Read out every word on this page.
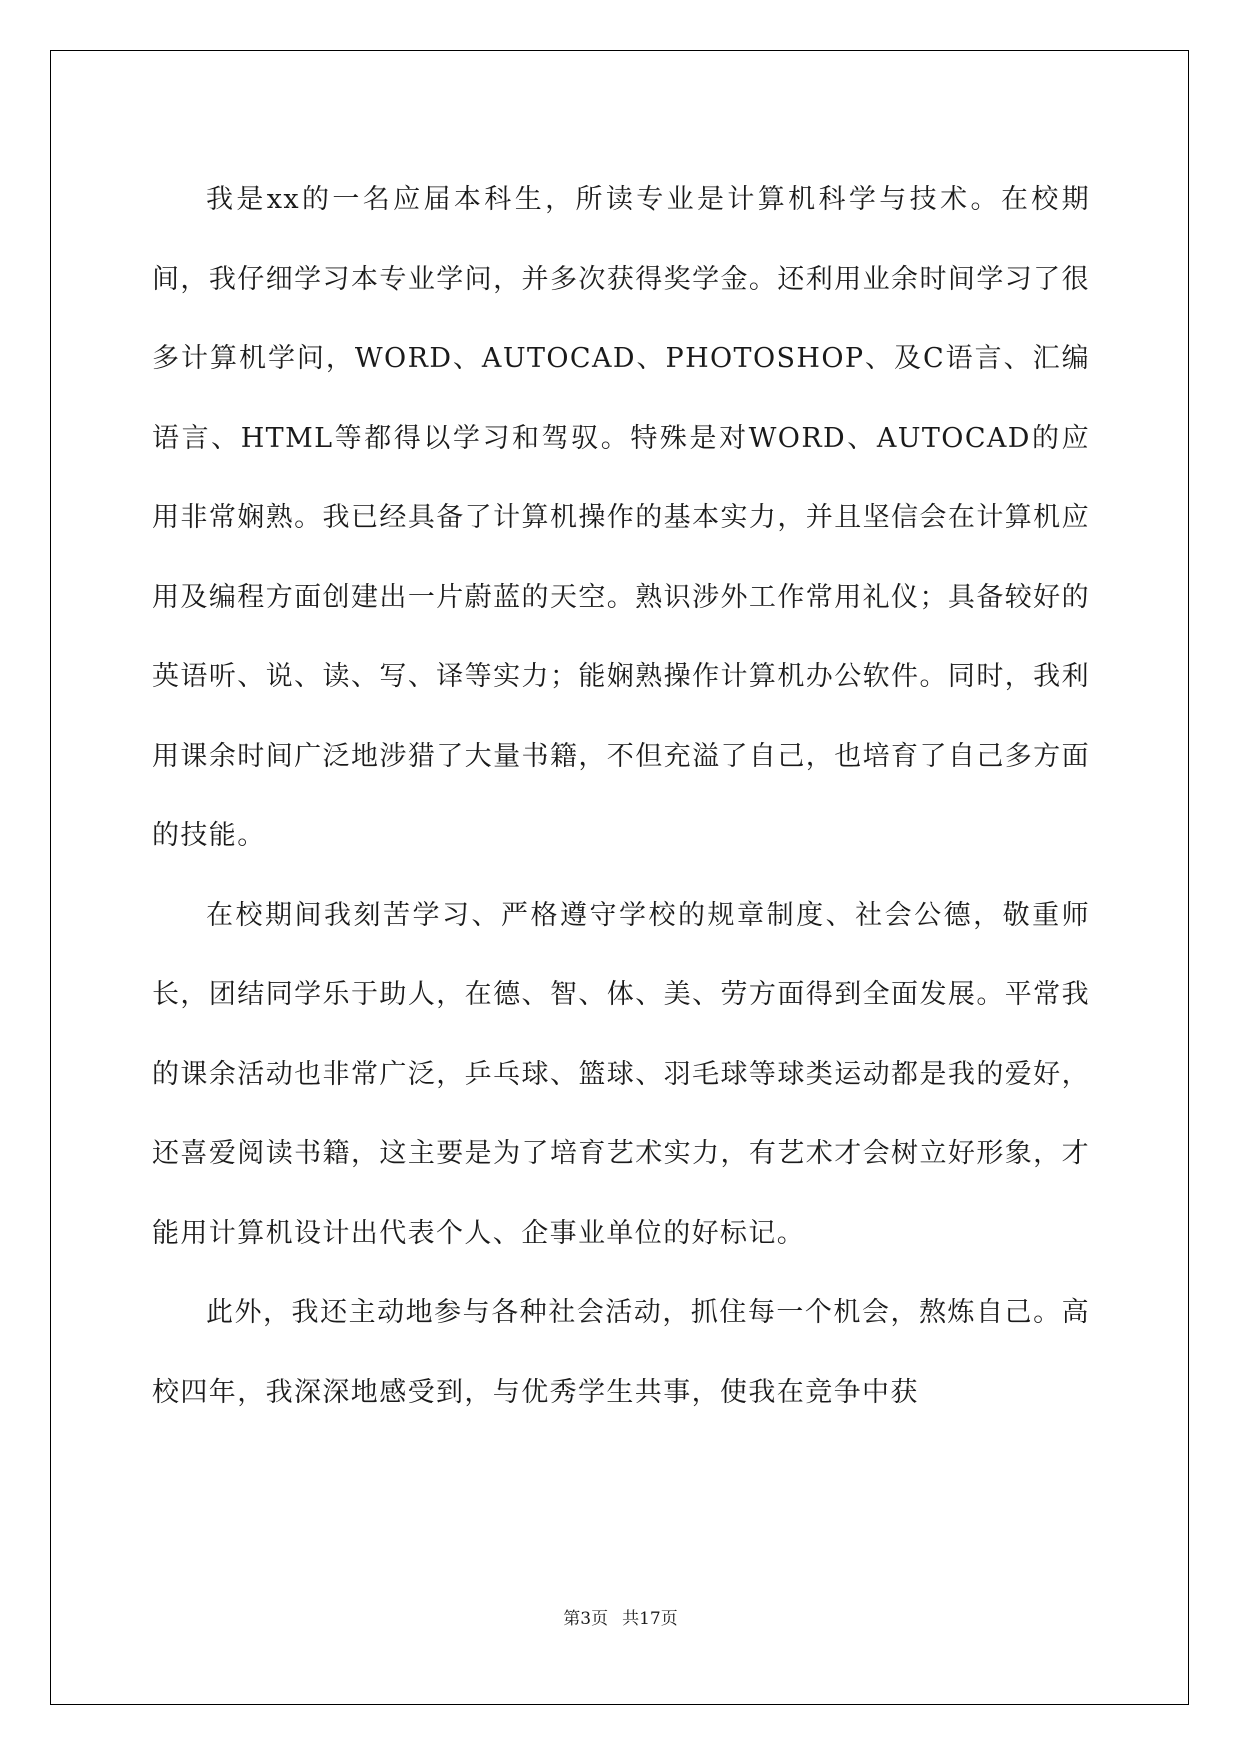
我是xx的一名应届本科生，所读专业是计算机科学与技术。在校期间，我仔细学习本专业学问，并多次获得奖学金。还利用业余时间学习了很多计算机学问，WORD、AUTOCAD、PHOTOSHOP、及C语言、汇编语言、HTML等都得以学习和驾驭。特殊是对WORD、AUTOCAD的应用非常娴熟。我已经具备了计算机操作的基本实力，并且坚信会在计算机应用及编程方面创建出一片蔚蓝的天空。熟识涉外工作常用礼仪；具备较好的英语听、说、读、写、译等实力；能娴熟操作计算机办公软件。同时，我利用课余时间广泛地涉猎了大量书籍，不但充溢了自己，也培育了自己多方面的技能。

在校期间我刻苦学习、严格遵守学校的规章制度、社会公德，敬重师长，团结同学乐于助人，在德、智、体、美、劳方面得到全面发展。平常我的课余活动也非常广泛，乒乓球、篮球、羽毛球等球类运动都是我的爱好，还喜爱阅读书籍，这主要是为了培育艺术实力，有艺术才会树立好形象，才能用计算机设计出代表个人、企事业单位的好标记。

此外，我还主动地参与各种社会活动，抓住每一个机会，熬炼自己。高校四年，我深深地感受到，与优秀学生共事，使我在竞争中获

第3页 共17页
